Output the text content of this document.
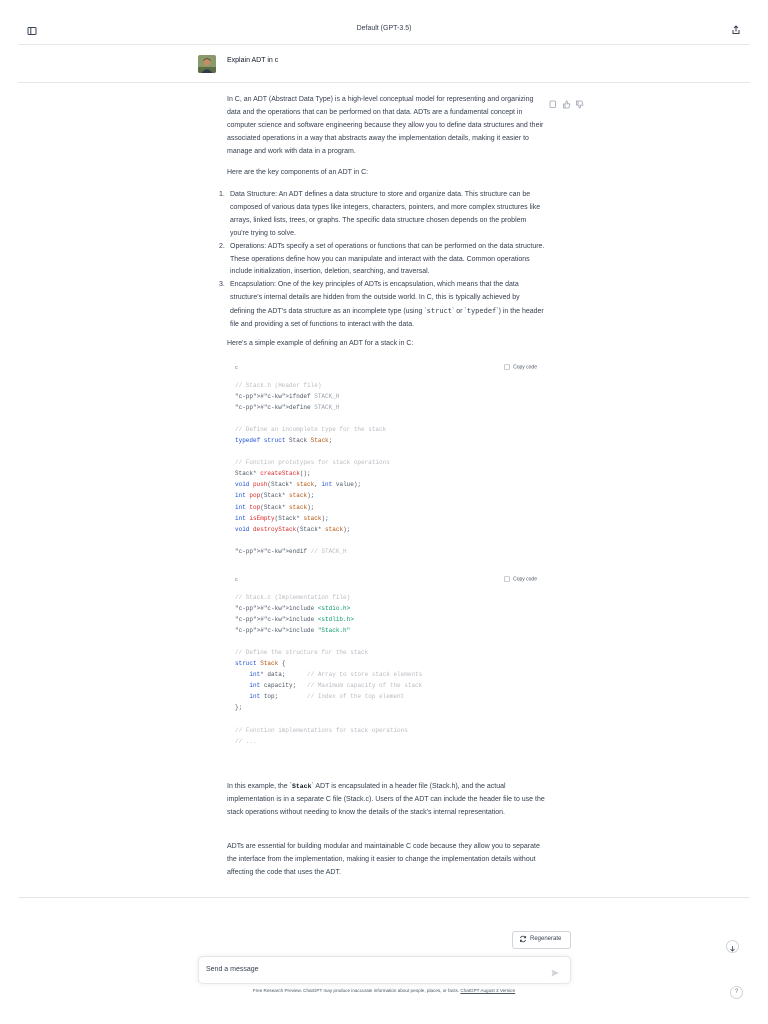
Default (GPT-3.5)
Explain ADT in c

In C, an ADT (Abstract Data Type) is a high-level conceptual model for representing and organizing data and the operations that can be performed on that data. ADTs are a fundamental concept in computer science and software engineering because they allow you to define data structures and their associated operations in a way that abstracts away the implementation details, making it easier to manage and work with data in a program.

Here are the key components of an ADT in C:

1. Data Structure: An ADT defines a data structure to store and organize data. This structure can be composed of various data types like integers, characters, pointers, and more complex structures like arrays, linked lists, trees, or graphs. The specific data structure chosen depends on the problem you're trying to solve.
2. Operations: ADTs specify a set of operations or functions that can be performed on the data structure. These operations define how you can manipulate and interact with the data. Common operations include initialization, insertion, deletion, searching, and traversal.
3. Encapsulation: One of the key principles of ADTs is encapsulation, which means that the data structure's internal details are hidden from the outside world. In C, this is typically achieved by defining the ADT's data structure as an incomplete type (using `struct` or `typedef`) in the header file and providing a set of functions to interact with the data.

Here's a simple example of defining an ADT for a stack in C:

c	Copy code
// Stack.h (Header file)
"c-pp">#"c-kw">ifndef STACK_H
"c-pp">#"c-kw">define STACK_H

// Define an incomplete type for the stack
typedef struct Stack Stack;

// Function prototypes for stack operations
Stack* createStack();
void push(Stack* stack, int value);
int pop(Stack* stack);
int top(Stack* stack);
int isEmpty(Stack* stack);
void destroyStack(Stack* stack);

"c-pp">#"c-kw">endif // STACK_H
c	Copy code
// Stack.c (Implementation file)
"c-pp">#"c-kw">include <stdio.h>
"c-pp">#"c-kw">include <stdlib.h>
"c-pp">#"c-kw">include "Stack.h"

// Define the structure for the stack
struct Stack {
int* data;      // Array to store stack elements
int capacity;   // Maximum capacity of the stack
int top;        // Index of the top element
};

// Function implementations for stack operations
// ...

In this example, the `Stack` ADT is encapsulated in a header file (Stack.h), and the actual implementation is in a separate C file (Stack.c). Users of the ADT can include the header file to use the stack operations without needing to know the details of the stack's internal representation.

ADTs are essential for building modular and maintainable C code because they allow you to separate the interface from the implementation, making it easier to change the implementation details without affecting the code that uses the ADT.

Regenerate
Send a message
Free Research Preview. ChatGPT may produce inaccurate information about people, places, or facts. ChatGPT August 3 Version	?
